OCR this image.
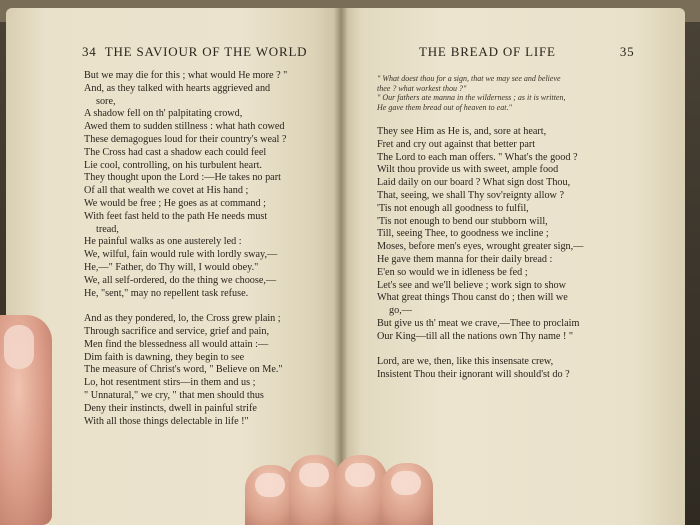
34 THE SAVIOUR OF THE WORLD
But we may die for this ; what would He more ? "
And, as they talked with hearts aggrieved and
sore,
A shadow fell on th' palpitating crowd,
Awed them to sudden stillness : what hath cowed
These demagogues loud for their country's weal ?
The Cross had cast a shadow each could feel
Lie cool, controlling, on his turbulent heart.
They thought upon the Lord :—He takes no part
Of all that wealth we covet at His hand ;
We would be free ; He goes as at command ;
With feet fast held to the path He needs must
tread,
He painful walks as one austerely led :
We, wilful, fain would rule with lordly sway,—
He,—" Father, do Thy will, I would obey."
We, all self-ordered, do the thing we choose,—
He, "sent," may no repellent task refuse.
And as they pondered, lo, the Cross grew plain ;
Through sacrifice and service, grief and pain,
Men find the blessedness all would attain :—
Dim faith is dawning, they begin to see
The measure of Christ's word, " Believe on Me."
Lo, hot resentment stirs—in them and us ;
" Unnatural," we cry, " that men should thus
Deny their instincts, dwell in painful strife
With all those things delectable in life !"
THE BREAD OF LIFE	35
" What doest thou for a sign, that we may see and believe
thee ? what workest thou ?"
" Our fathers ate manna in the wilderness ; as it is written,
He gave them bread out of heaven to eat."
They see Him as He is, and, sore at heart,
Fret and cry out against that better part
The Lord to each man offers. " What's the good ?
Wilt thou provide us with sweet, ample food
Laid daily on our board ? What sign dost Thou,
That, seeing, we shall Thy sov'reignty allow ?
'Tis not enough all goodness to fulfil,
'Tis not enough to bend our stubborn will,
Till, seeing Thee, to goodness we incline ;
Moses, before men's eyes, wrought greater sign,—
He gave them manna for their daily bread :
E'en so would we in idleness be fed ;
Let's see and we'll believe ; work sign to show
What great things Thou canst do ; then will we
go,—
But give us th' meat we crave,—Thee to proclaim
Our King—till all the nations own Thy name ! "
Lord, are we, then, like this insensate crew,
Insistent Thou their ignorant will should'st do ?
